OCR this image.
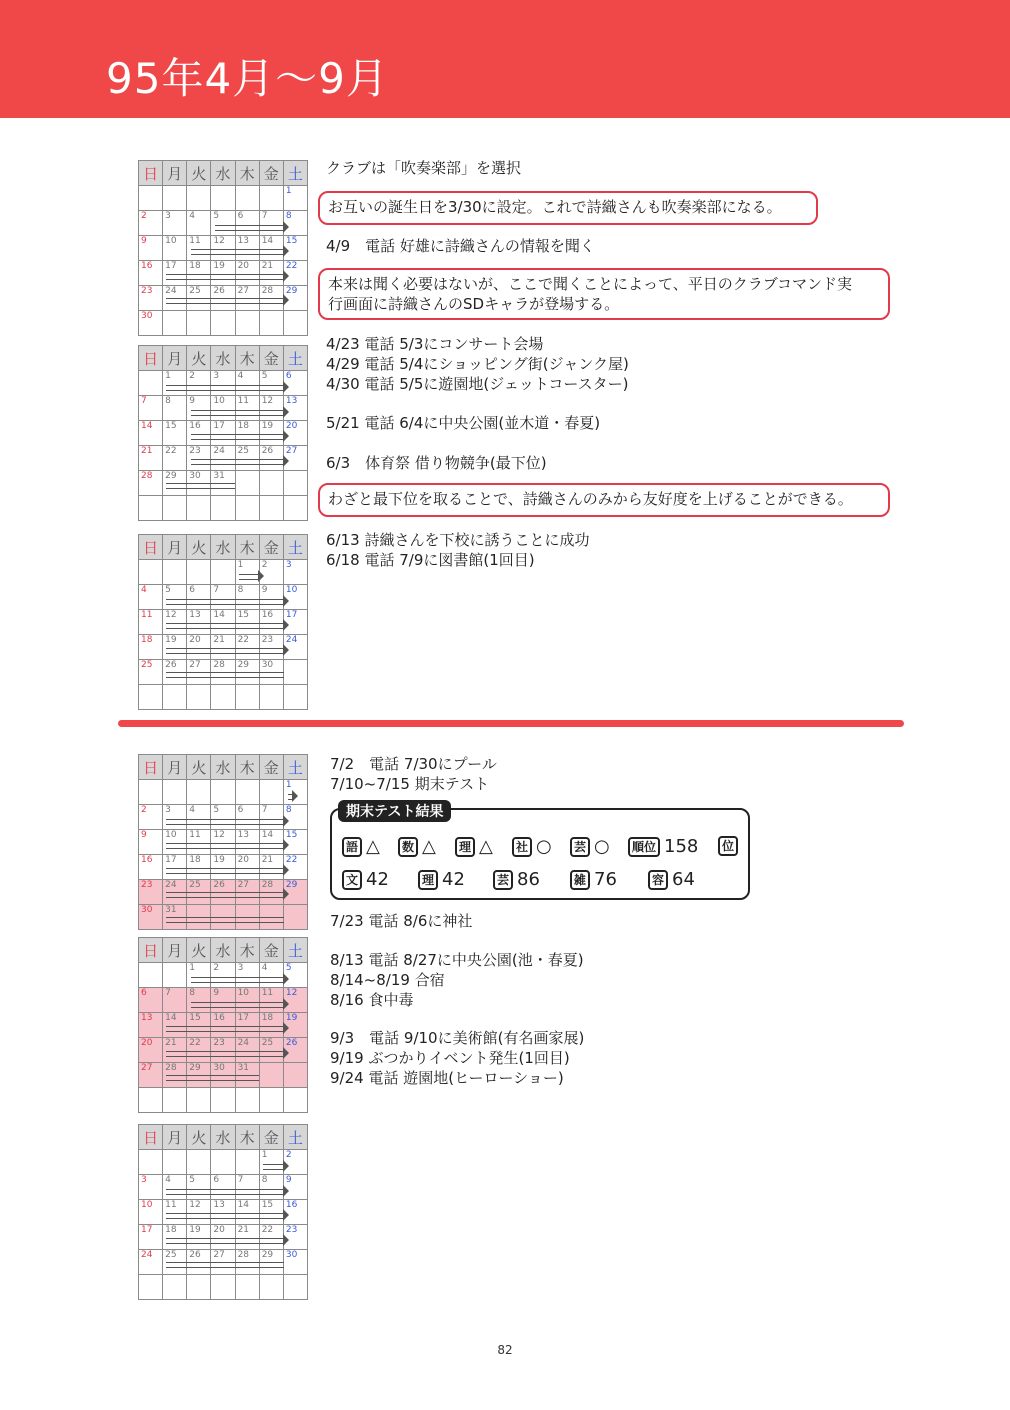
95年4月～9月
日	月	火	水	木	金	土

						1

2	3	4	5	6	7	8

9	10	11	12	13	14	15

16	17	18	19	20	21	22

23	24	25	26	27	28	29

30						

日	月	火	水	木	金	土

	1	2	3	4	5	6

7	8	9	10	11	12	13

14	15	16	17	18	19	20

21	22	23	24	25	26	27

28	29	30	31			

日	月	火	水	木	金	土

				1	2	3

4	5	6	7	8	9	10

11	12	13	14	15	16	17

18	19	20	21	22	23	24

25	26	27	28	29	30	

日	月	火	水	木	金	土

						1

2	3	4	5	6	7	8

9	10	11	12	13	14	15

16	17	18	19	20	21	22

23	24	25	26	27	28	29

30	31					

日	月	火	水	木	金	土

		1	2	3	4	5

6	7	8	9	10	11	12

13	14	15	16	17	18	19

20	21	22	23	24	25	26

27	28	29	30	31		

日	月	火	水	木	金	土

					1	2

3	4	5	6	7	8	9

10	11	12	13	14	15	16

17	18	19	20	21	22	23

24	25	26	27	28	29	30

クラブは「吹奏楽部」を選択
お互いの誕生日を3/30に設定。これで詩織さんも吹奏楽部になる。
4/9　電話 好雄に詩織さんの情報を聞く
本来は聞く必要はないが、ここで聞くことによって、平日のクラブコマンド実
行画面に詩織さんのSDキャラが登場する。
4/23 電話 5/3にコンサート会場
4/29 電話 5/4にショッピング街(ジャンク屋)
4/30 電話 5/5に遊園地(ジェットコースター)
5/21 電話 6/4に中央公園(並木道・春夏)
6/3　体育祭 借り物競争(最下位)
わざと最下位を取ることで、詩織さんのみから友好度を上げることができる。
6/13 詩織さんを下校に誘うことに成功
6/18 電話 7/9に図書館(1回目)
7/2　電話 7/30にプール
7/10~7/15 期末テスト
期末テスト結果
7/23 電話 8/6に神社
8/13 電話 8/27に中央公園(池・春夏)
8/14~8/19 合宿
8/16 食中毒
9/3　電話 9/10に美術館(有名画家展)
9/19 ぶつかりイベント発生(1回目)
9/24 電話 遊園地(ヒーローショー)
82
語 △	数 △	理 △	社 ○	芸 ○	順位 158	位
文 42	理 42	芸 86	雑 76	容 64
